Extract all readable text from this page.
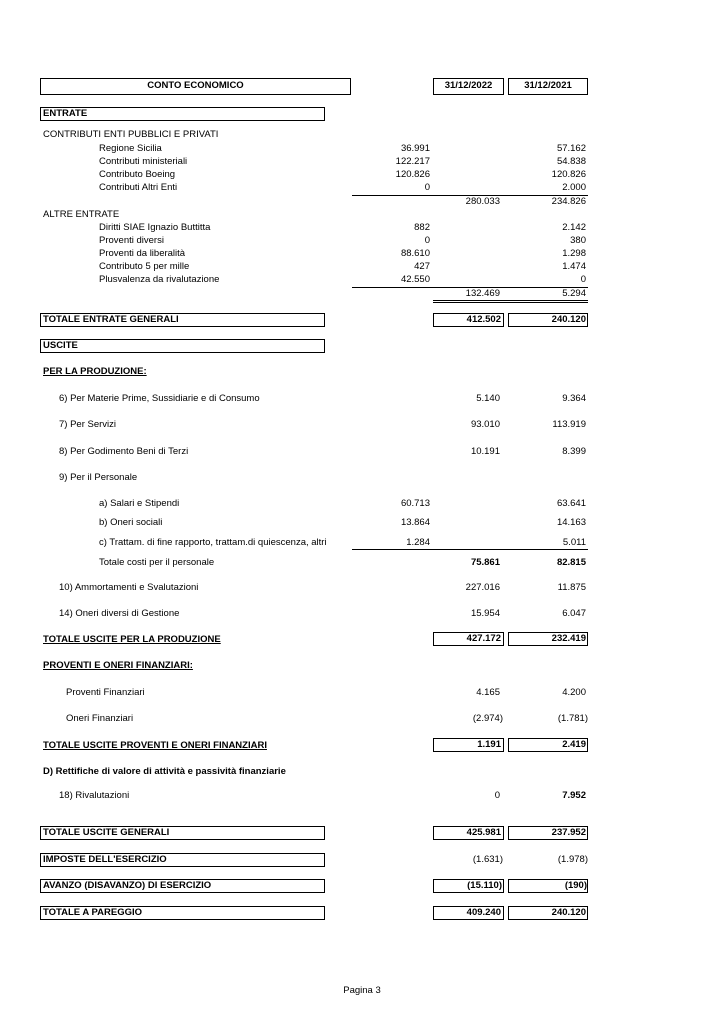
CONTO ECONOMICO	31/12/2022	31/12/2021
ENTRATE
CONTRIBUTI ENTI PUBBLICI E PRIVATI
Regione Sicilia	36.991	57.162
Contributi ministeriali	122.217	54.838
Contributo Boeing	120.826	120.826
Contributi Altri Enti	0	2.000
280.033	234.826
ALTRE ENTRATE
Diritti SIAE Ignazio Buttitta	882	2.142
Proventi diversi	0	380
Proventi da liberalità	88.610	1.298
Contributo 5 per mille	427	1.474
Plusvalenza da rivalutazione	42.550	0
132.469	5.294
TOTALE ENTRATE GENERALI	412.502	240.120
USCITE
PER LA PRODUZIONE:
6) Per Materie Prime, Sussidiarie e di Consumo	5.140	9.364
7) Per Servizi	93.010	113.919
8) Per Godimento Beni di Terzi	10.191	8.399
9) Per il Personale
a) Salari e Stipendi	60.713	63.641
b) Oneri sociali	13.864	14.163
c) Trattam. di fine rapporto, trattam.di quiescenza, altri	1.284	5.011
Totale costi per il personale	75.861	82.815
10) Ammortamenti e Svalutazioni	227.016	11.875
14) Oneri diversi di Gestione	15.954	6.047
TOTALE USCITE PER LA PRODUZIONE	427.172	232.419
PROVENTI E ONERI FINANZIARI:
Proventi Finanziari	4.165	4.200
Oneri Finanziari	(2.974)	(1.781)
TOTALE USCITE PROVENTI E ONERI FINANZIARI	1.191	2.419
D) Rettifiche di valore di attività e passività finanziarie
18) Rivalutazioni	0	7.952
TOTALE USCITE GENERALI	425.981	237.952
IMPOSTE DELL'ESERCIZIO	(1.631)	(1.978)
AVANZO (DISAVANZO) DI ESERCIZIO	(15.110)	(190)
TOTALE A PAREGGIO	409.240	240.120
Pagina 3
